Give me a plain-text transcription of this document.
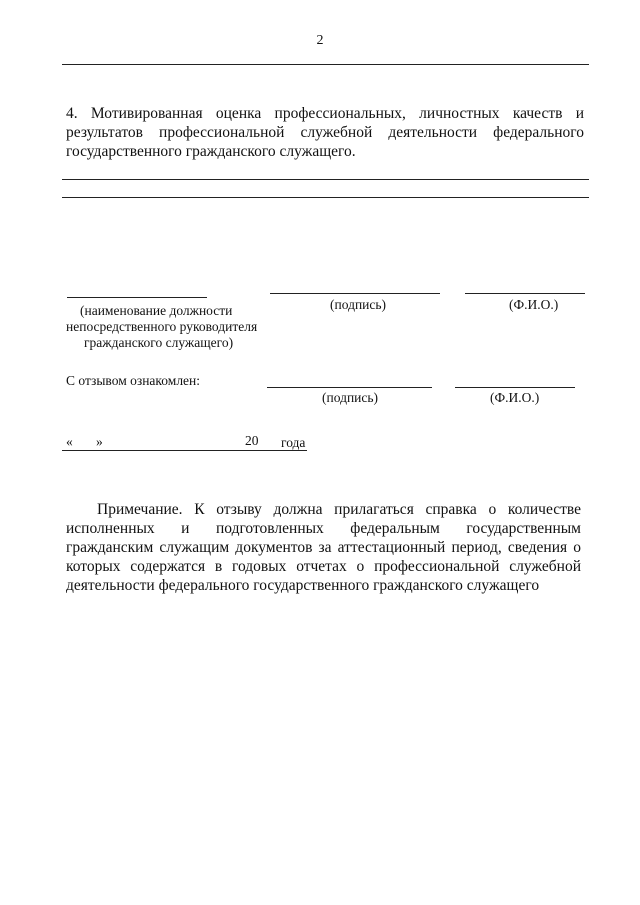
2
4. Мотивированная оценка профессиональных, личностных качеств и результатов профессиональной служебной деятельности федерального государственного гражданского служащего.
(наименование должности
непосредственного руководителя
гражданского служащего)
(подпись)	(Ф.И.О.)
С отзывом ознакомлен:
(подпись)	(Ф.И.О.)
« »	20 года
Примечание. К отзыву должна прилагаться справка о количестве исполненных и подготовленных федеральным государственным гражданским служащим документов за аттестационный период, сведения о которых содержатся в годовых отчетах о профессиональной служебной деятельности федерального государственного гражданского служащего
